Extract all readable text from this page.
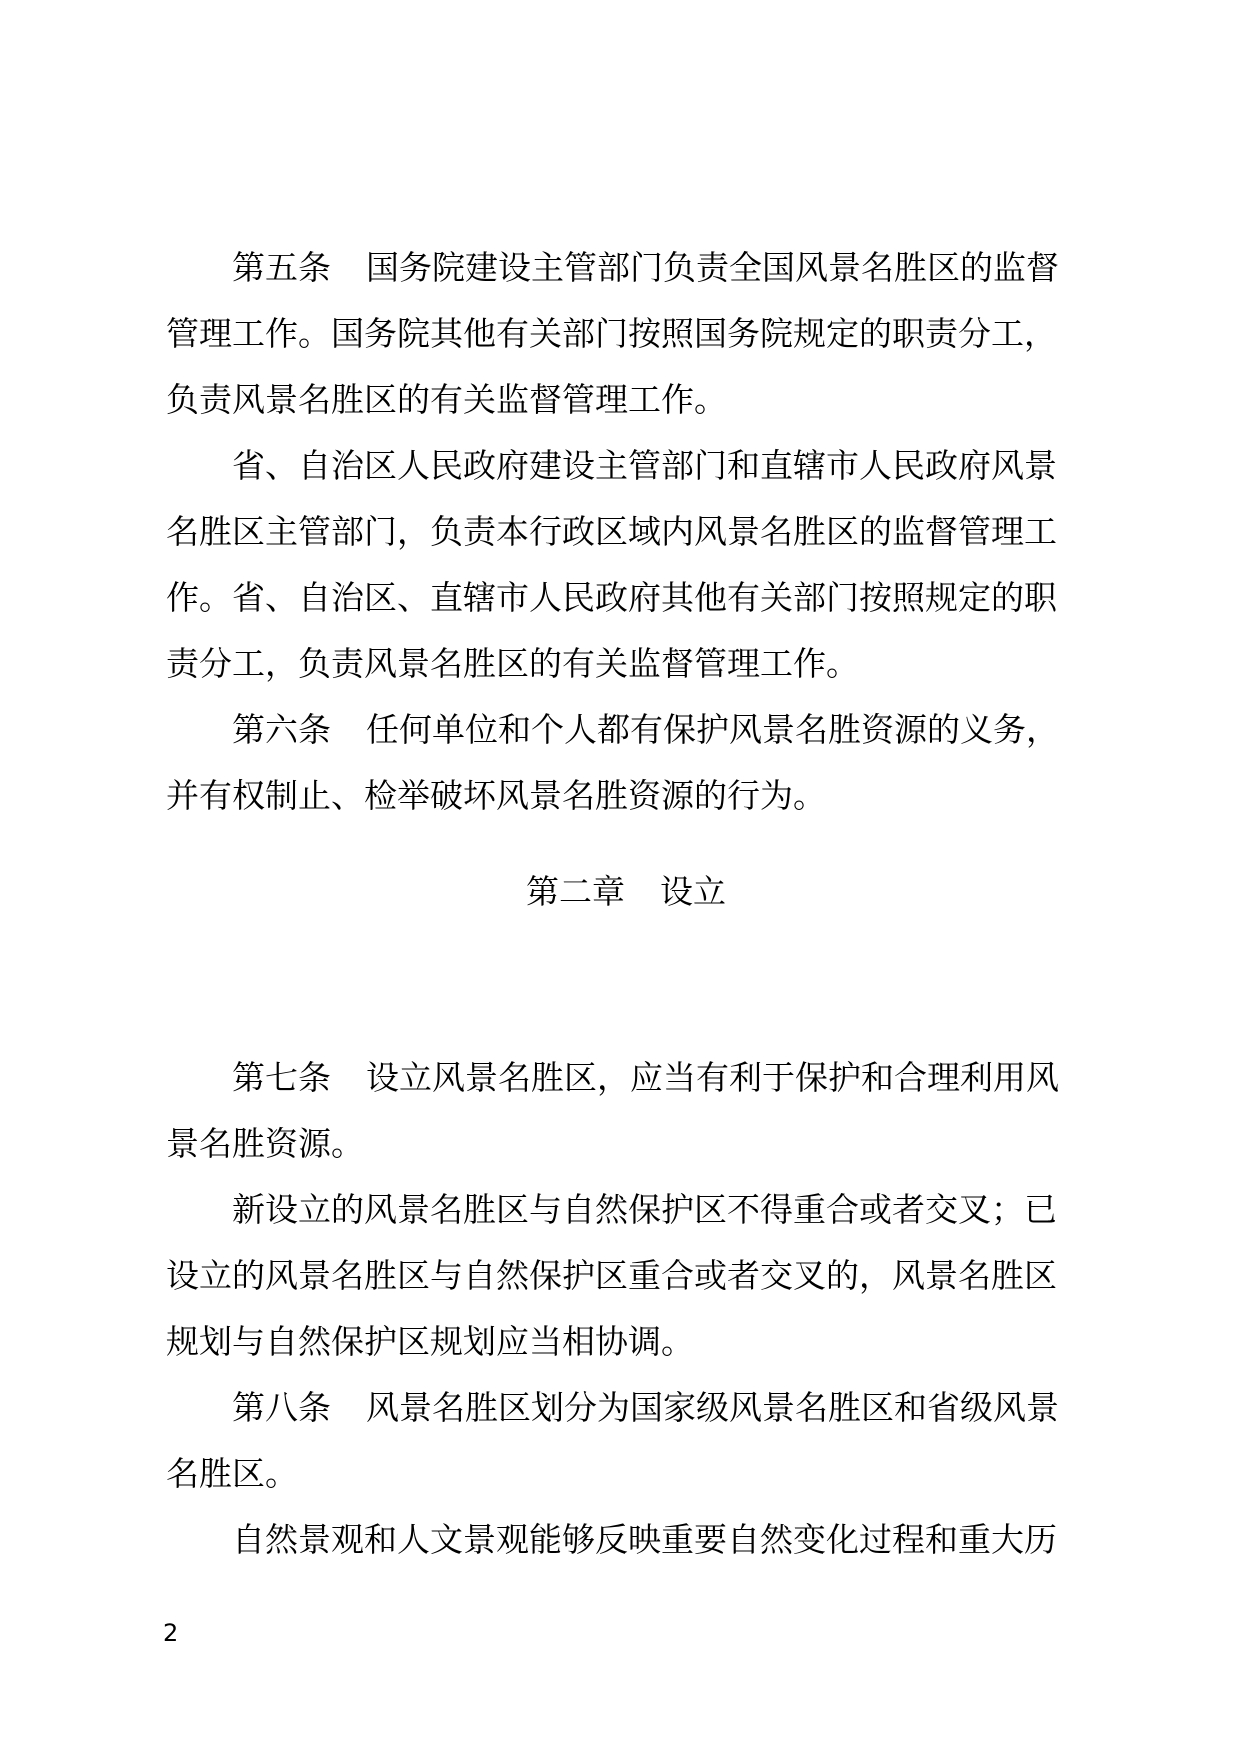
第五条 国务院建设主管部门负责全国风景名胜区的监督
管理工作。国务院其他有关部门按照国务院规定的职责分工，
负责风景名胜区的有关监督管理工作。
省、自治区人民政府建设主管部门和直辖市人民政府风景
名胜区主管部门，负责本行政区域内风景名胜区的监督管理工
作。省、自治区、直辖市人民政府其他有关部门按照规定的职
责分工，负责风景名胜区的有关监督管理工作。
第六条 任何单位和个人都有保护风景名胜资源的义务，
并有权制止、检举破坏风景名胜资源的行为。
第二章 设立
第七条 设立风景名胜区，应当有利于保护和合理利用风
景名胜资源。
新设立的风景名胜区与自然保护区不得重合或者交叉；已
设立的风景名胜区与自然保护区重合或者交叉的，风景名胜区
规划与自然保护区规划应当相协调。
第八条 风景名胜区划分为国家级风景名胜区和省级风景
名胜区。
自然景观和人文景观能够反映重要自然变化过程和重大历
2
